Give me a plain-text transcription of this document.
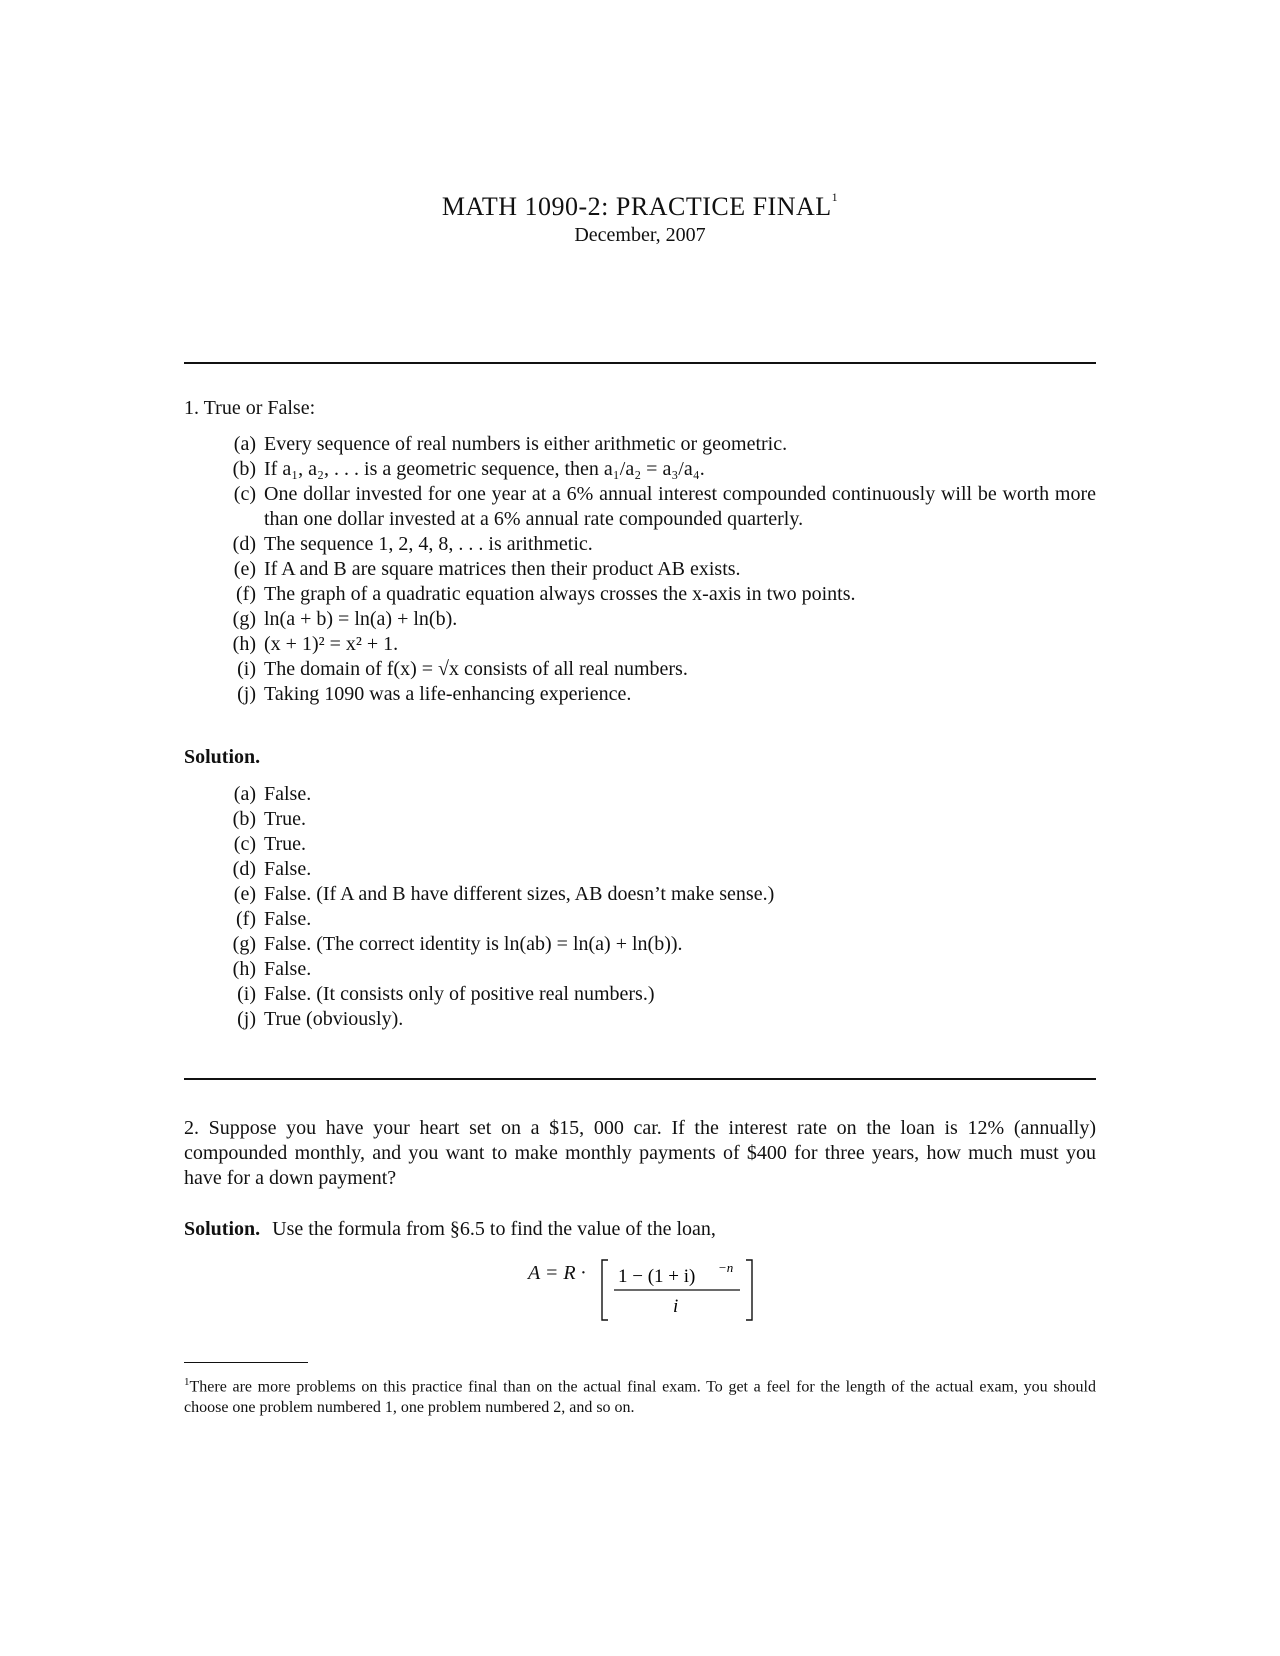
MATH 1090-2: PRACTICE FINAL$^1$
December, 2007
1. True or False:
(a) Every sequence of real numbers is either arithmetic or geometric.
(b) If a₁, a₂, . . . is a geometric sequence, then a₁/a₂ = a₃/a₄.
(c) One dollar invested for one year at a 6% annual interest compounded continuously will be worth more than one dollar invested at a 6% annual rate compounded quarterly.
(d) The sequence 1, 2, 4, 8, . . . is arithmetic.
(e) If A and B are square matrices then their product AB exists.
(f) The graph of a quadratic equation always crosses the x-axis in two points.
(g) ln(a + b) = ln(a) + ln(b).
(h) (x + 1)² = x² + 1.
(i) The domain of f(x) = √x consists of all real numbers.
(j) Taking 1090 was a life-enhancing experience.
Solution.
(a) False.
(b) True.
(c) True.
(d) False.
(e) False. (If A and B have different sizes, AB doesn’t make sense.)
(f) False.
(g) False. (The correct identity is ln(ab) = ln(a) + ln(b)).
(h) False.
(i) False. (It consists only of positive real numbers.)
(j) True (obviously).
2. Suppose you have your heart set on a $15, 000 car. If the interest rate on the loan is 12% (annually) compounded monthly, and you want to make monthly payments of $400 for three years, how much must you have for a down payment?
Solution. Use the formula from §6.5 to find the value of the loan,
A = R · 1 − (1 + i) −n
i
$^1$There are more problems on this practice final than on the actual final exam. To get a feel for the length of the actual exam, you should choose one problem numbered 1, one problem numbered 2, and so on.
